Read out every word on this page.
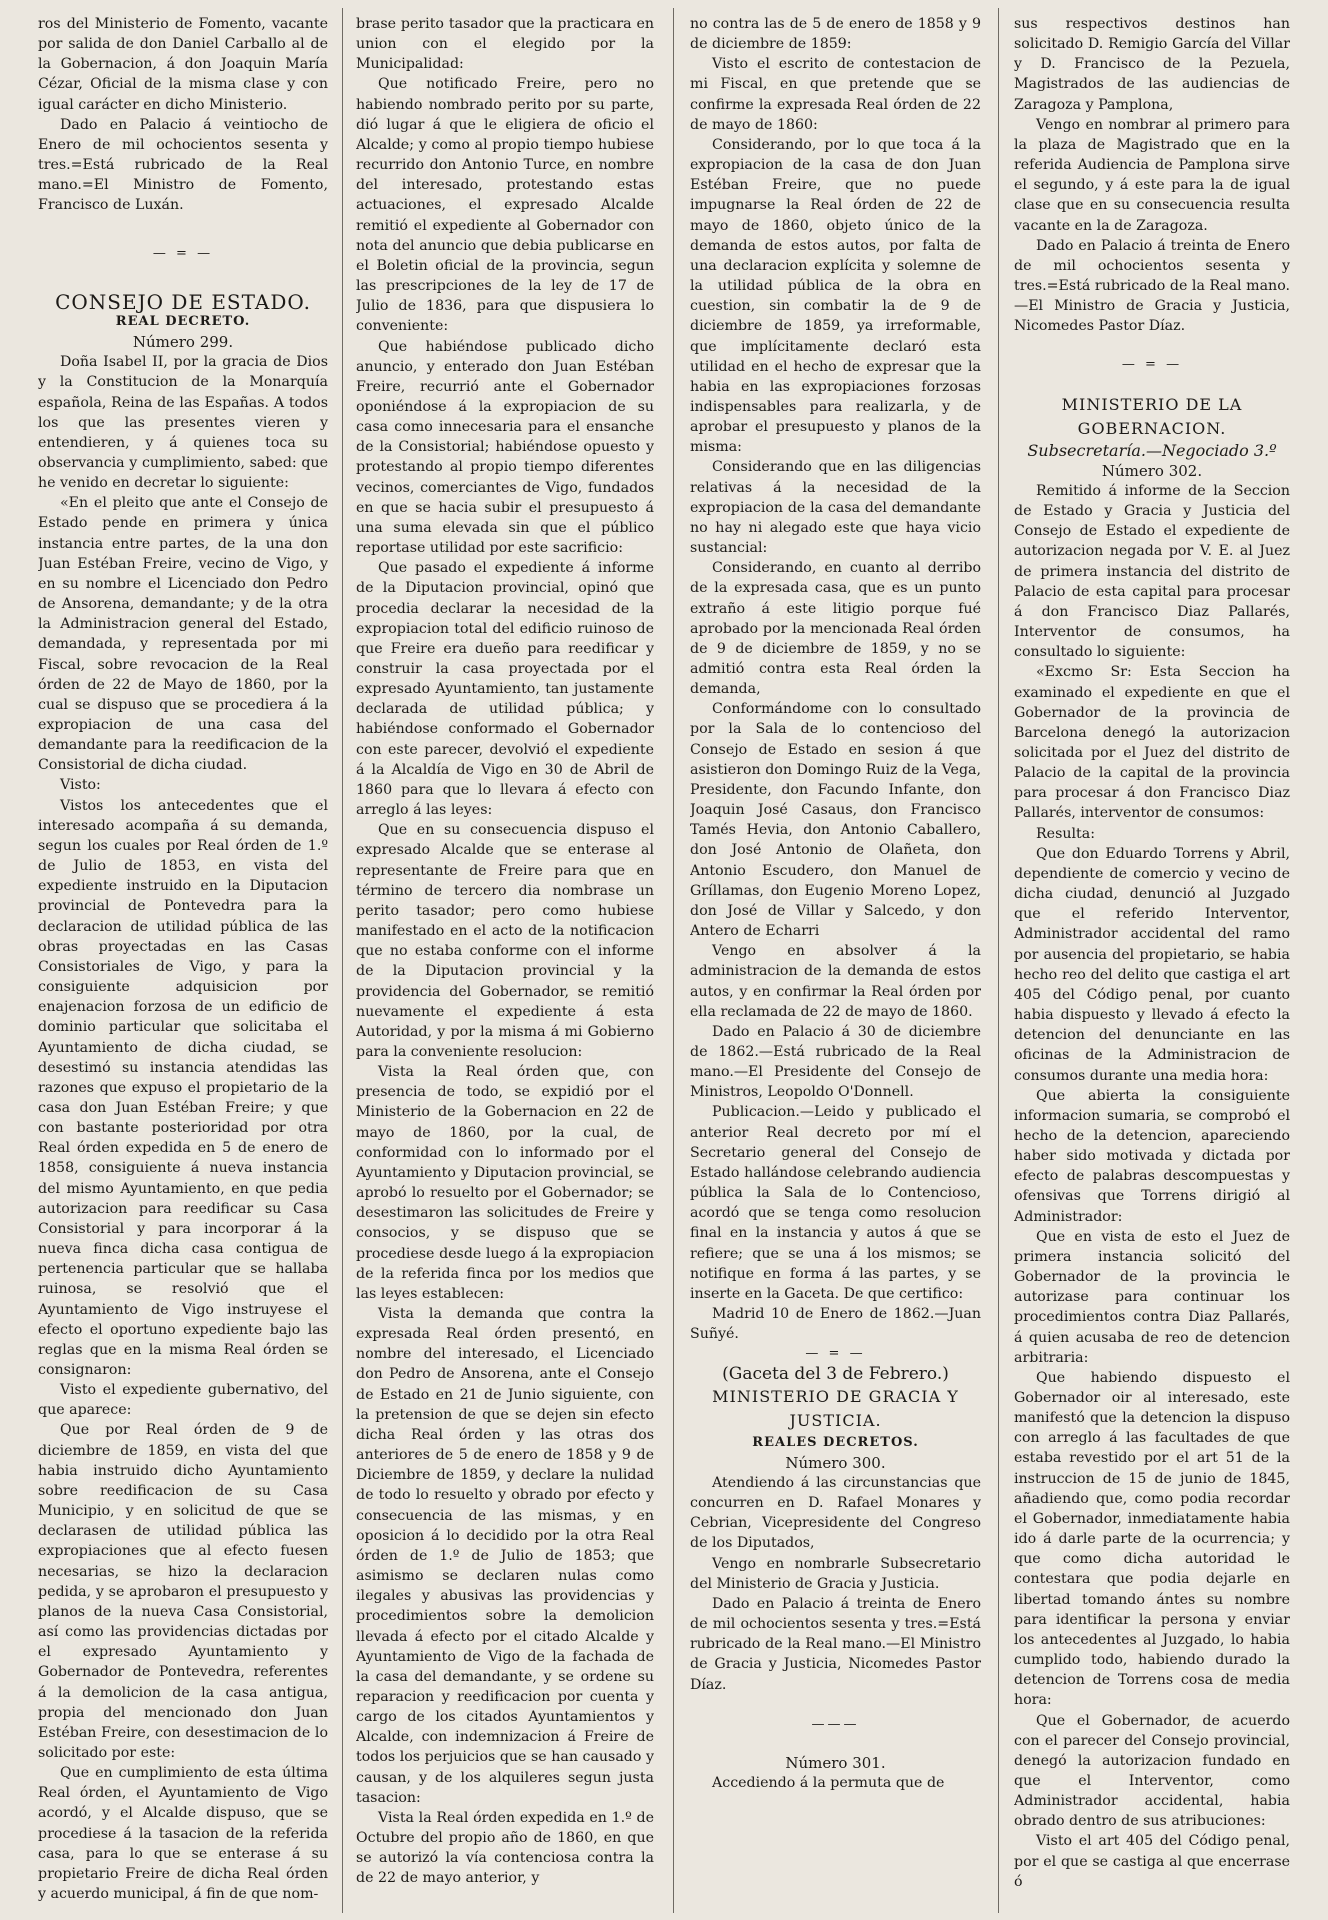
ros del Ministerio de Fomento, vacante por salida de don Daniel Carballo al de la Gobernacion, á don Joaquin María Cézar, Oficial de la misma clase y con igual carácter en dicho Ministerio.

Dado en Palacio á veintiocho de Enero de mil ochocientos sesenta y tres.=Está rubricado de la Real mano.=El Ministro de Fomento, Francisco de Luxán.

— = —

CONSEJO DE ESTADO.

REAL DECRETO.

Número 299.

Doña Isabel II, por la gracia de Dios y la Constitucion de la Monarquía española, Reina de las Españas. A todos los que las presentes vieren y entendieren, y á quienes toca su observancia y cumplimiento, sabed: que he venido en decretar lo siguiente:

«En el pleito que ante el Consejo de Estado pende en primera y única instancia entre partes, de la una don Juan Estéban Freire, vecino de Vigo, y en su nombre el Licenciado don Pedro de Ansorena, demandante; y de la otra la Administracion general del Estado, demandada, y representada por mi Fiscal, sobre revocacion de la Real órden de 22 de Mayo de 1860, por la cual se dispuso que se procediera á la expropiacion de una casa del demandante para la reedificacion de la Consistorial de dicha ciudad.

Visto:

Vistos los antecedentes que el interesado acompaña á su demanda, segun los cuales por Real órden de 1.º de Julio de 1853, en vista del expediente instruido en la Diputacion provincial de Pontevedra para la declaracion de utilidad pública de las obras proyectadas en las Casas Consistoriales de Vigo, y para la consiguiente adquisicion por enajenacion forzosa de un edificio de dominio particular que solicitaba el Ayuntamiento de dicha ciudad, se desestimó su instancia atendidas las razones que expuso el propietario de la casa don Juan Estéban Freire; y que con bastante posterioridad por otra Real órden expedida en 5 de enero de 1858, consiguiente á nueva instancia del mismo Ayuntamiento, en que pedia autorizacion para reedificar su Casa Consistorial y para incorporar á la nueva finca dicha casa contigua de pertenencia particular que se hallaba ruinosa, se resolvió que el Ayuntamiento de Vigo instruyese el efecto el oportuno expediente bajo las reglas que en la misma Real órden se consignaron:

Visto el expediente gubernativo, del que aparece:

Que por Real órden de 9 de diciembre de 1859, en vista del que habia instruido dicho Ayuntamiento sobre reedificacion de su Casa Municipio, y en solicitud de que se declarasen de utilidad pública las expropiaciones que al efecto fuesen necesarias, se hizo la declaracion pedida, y se aprobaron el presupuesto y planos de la nueva Casa Consistorial, así como las providencias dictadas por el expresado Ayuntamiento y Gobernador de Pontevedra, referentes á la demolicion de la casa antigua, propia del mencionado don Juan Estéban Freire, con desestimacion de lo solicitado por este:

Que en cumplimiento de esta última Real órden, el Ayuntamiento de Vigo acordó, y el Alcalde dispuso, que se procediese á la tasacion de la referida casa, para lo que se enterase á su propietario Freire de dicha Real órden y acuerdo municipal, á fin de que nom-

brase perito tasador que la practicara en union con el elegido por la Municipalidad:

Que notificado Freire, pero no habiendo nombrado perito por su parte, dió lugar á que le eligiera de oficio el Alcalde; y como al propio tiempo hubiese recurrido don Antonio Turce, en nombre del interesado, protestando estas actuaciones, el expresado Alcalde remitió el expediente al Gobernador con nota del anuncio que debia publicarse en el Boletin oficial de la provincia, segun las prescripciones de la ley de 17 de Julio de 1836, para que dispusiera lo conveniente:

Que habiéndose publicado dicho anuncio, y enterado don Juan Estéban Freire, recurrió ante el Gobernador oponiéndose á la expropiacion de su casa como innecesaria para el ensanche de la Consistorial; habiéndose opuesto y protestando al propio tiempo diferentes vecinos, comerciantes de Vigo, fundados en que se hacia subir el presupuesto á una suma elevada sin que el público reportase utilidad por este sacrificio:

Que pasado el expediente á informe de la Diputacion provincial, opinó que procedia declarar la necesidad de la expropiacion total del edificio ruinoso de que Freire era dueño para reedificar y construir la casa proyectada por el expresado Ayuntamiento, tan justamente declarada de utilidad pública; y habiéndose conformado el Gobernador con este parecer, devolvió el expediente á la Alcaldía de Vigo en 30 de Abril de 1860 para que lo llevara á efecto con arreglo á las leyes:

Que en su consecuencia dispuso el expresado Alcalde que se enterase al representante de Freire para que en término de tercero dia nombrase un perito tasador; pero como hubiese manifestado en el acto de la notificacion que no estaba conforme con el informe de la Diputacion provincial y la providencia del Gobernador, se remitió nuevamente el expediente á esta Autoridad, y por la misma á mi Gobierno para la conveniente resolucion:

Vista la Real órden que, con presencia de todo, se expidió por el Ministerio de la Gobernacion en 22 de mayo de 1860, por la cual, de conformidad con lo informado por el Ayuntamiento y Diputacion provincial, se aprobó lo resuelto por el Gobernador; se desestimaron las solicitudes de Freire y consocios, y se dispuso que se procediese desde luego á la expropiacion de la referida finca por los medios que las leyes establecen:

Vista la demanda que contra la expresada Real órden presentó, en nombre del interesado, el Licenciado don Pedro de Ansorena, ante el Consejo de Estado en 21 de Junio siguiente, con la pretension de que se dejen sin efecto dicha Real órden y las otras dos anteriores de 5 de enero de 1858 y 9 de Diciembre de 1859, y declare la nulidad de todo lo resuelto y obrado por efecto y consecuencia de las mismas, y en oposicion á lo decidido por la otra Real órden de 1.º de Julio de 1853; que asimismo se declaren nulas como ilegales y abusivas las providencias y procedimientos sobre la demolicion llevada á efecto por el citado Alcalde y Ayuntamiento de Vigo de la fachada de la casa del demandante, y se ordene su reparacion y reedificacion por cuenta y cargo de los citados Ayuntamientos y Alcalde, con indemnizacion á Freire de todos los perjuicios que se han causado y causan, y de los alquileres segun justa tasacion:

Vista la Real órden expedida en 1.º de Octubre del propio año de 1860, en que se autorizó la vía contenciosa contra la de 22 de mayo anterior, y

no contra las de 5 de enero de 1858 y 9 de diciembre de 1859:

Visto el escrito de contestacion de mi Fiscal, en que pretende que se confirme la expresada Real órden de 22 de mayo de 1860:

Considerando, por lo que toca á la expropiacion de la casa de don Juan Estéban Freire, que no puede impugnarse la Real órden de 22 de mayo de 1860, objeto único de la demanda de estos autos, por falta de una declaracion explícita y solemne de la utilidad pública de la obra en cuestion, sin combatir la de 9 de diciembre de 1859, ya irreformable, que implícitamente declaró esta utilidad en el hecho de expresar que la habia en las expropiaciones forzosas indispensables para realizarla, y de aprobar el presupuesto y planos de la misma:

Considerando que en las diligencias relativas á la necesidad de la expropiacion de la casa del demandante no hay ni alegado este que haya vicio sustancial:

Considerando, en cuanto al derribo de la expresada casa, que es un punto extraño á este litigio porque fué aprobado por la mencionada Real órden de 9 de diciembre de 1859, y no se admitió contra esta Real órden la demanda,

Conformándome con lo consultado por la Sala de lo contencioso del Consejo de Estado en sesion á que asistieron don Domingo Ruiz de la Vega, Presidente, don Facundo Infante, don Joaquin José Casaus, don Francisco Tamés Hevia, don Antonio Caballero, don José Antonio de Olañeta, don Antonio Escudero, don Manuel de Gríllamas, don Eugenio Moreno Lopez, don José de Villar y Salcedo, y don Antero de Echarri

Vengo en absolver á la administracion de la demanda de estos autos, y en confirmar la Real órden por ella reclamada de 22 de mayo de 1860.

Dado en Palacio á 30 de diciembre de 1862.—Está rubricado de la Real mano.—El Presidente del Consejo de Ministros, Leopoldo O'Donnell.

Publicacion.—Leido y publicado el anterior Real decreto por mí el Secretario general del Consejo de Estado hallándose celebrando audiencia pública la Sala de lo Contencioso, acordó que se tenga como resolucion final en la instancia y autos á que se refiere; que se una á los mismos; se notifique en forma á las partes, y se inserte en la Gaceta. De que certifico:

Madrid 10 de Enero de 1862.—Juan Suñyé.

— = —

(Gaceta del 3 de Febrero.)

MINISTERIO DE GRACIA Y JUSTICIA.

REALES DECRETOS.

Número 300.

Atendiendo á las circunstancias que concurren en D. Rafael Monares y Cebrian, Vicepresidente del Congreso de los Diputados,

Vengo en nombrarle Subsecretario del Ministerio de Gracia y Justicia.

Dado en Palacio á treinta de Enero de mil ochocientos sesenta y tres.=Está rubricado de la Real mano.—El Ministro de Gracia y Justicia, Nicomedes Pastor Díaz.

———

Número 301.

Accediendo á la permuta que de

sus respectivos destinos han solicitado D. Remigio García del Villar y D. Francisco de la Pezuela, Magistrados de las audiencias de Zaragoza y Pamplona,

Vengo en nombrar al primero para la plaza de Magistrado que en la referida Audiencia de Pamplona sirve el segundo, y á este para la de igual clase que en su consecuencia resulta vacante en la de Zaragoza.

Dado en Palacio á treinta de Enero de mil ochocientos sesenta y tres.=Está rubricado de la Real mano.—El Ministro de Gracia y Justicia, Nicomedes Pastor Díaz.

— = —

MINISTERIO DE LA GOBERNACION.

Subsecretaría.—Negociado 3.º

Número 302.

Remitido á informe de la Seccion de Estado y Gracia y Justicia del Consejo de Estado el expediente de autorizacion negada por V. E. al Juez de primera instancia del distrito de Palacio de esta capital para procesar á don Francisco Diaz Pallarés, Interventor de consumos, ha consultado lo siguiente:

«Excmo Sr: Esta Seccion ha examinado el expediente en que el Gobernador de la provincia de Barcelona denegó la autorizacion solicitada por el Juez del distrito de Palacio de la capital de la provincia para procesar á don Francisco Diaz Pallarés, interventor de consumos:

Resulta:

Que don Eduardo Torrens y Abril, dependiente de comercio y vecino de dicha ciudad, denunció al Juzgado que el referido Interventor, Administrador accidental del ramo por ausencia del propietario, se habia hecho reo del delito que castiga el art 405 del Código penal, por cuanto habia dispuesto y llevado á efecto la detencion del denunciante en las oficinas de la Administracion de consumos durante una media hora:

Que abierta la consiguiente informacion sumaria, se comprobó el hecho de la detencion, apareciendo haber sido motivada y dictada por efecto de palabras descompuestas y ofensivas que Torrens dirigió al Administrador:

Que en vista de esto el Juez de primera instancia solicitó del Gobernador de la provincia le autorizase para continuar los procedimientos contra Diaz Pallarés, á quien acusaba de reo de detencion arbitraria:

Que habiendo dispuesto el Gobernador oir al interesado, este manifestó que la detencion la dispuso con arreglo á las facultades de que estaba revestido por el art 51 de la instruccion de 15 de junio de 1845, añadiendo que, como podia recordar el Gobernador, inmediatamente habia ido á darle parte de la ocurrencia; y que como dicha autoridad le contestara que podia dejarle en libertad tomando ántes su nombre para identificar la persona y enviar los antecedentes al Juzgado, lo habia cumplido todo, habiendo durado la detencion de Torrens cosa de media hora:

Que el Gobernador, de acuerdo con el parecer del Consejo provincial, denegó la autorizacion fundado en que el Interventor, como Administrador accidental, habia obrado dentro de sus atribuciones:

Visto el art 405 del Código penal, por el que se castiga al que encerrase ó
